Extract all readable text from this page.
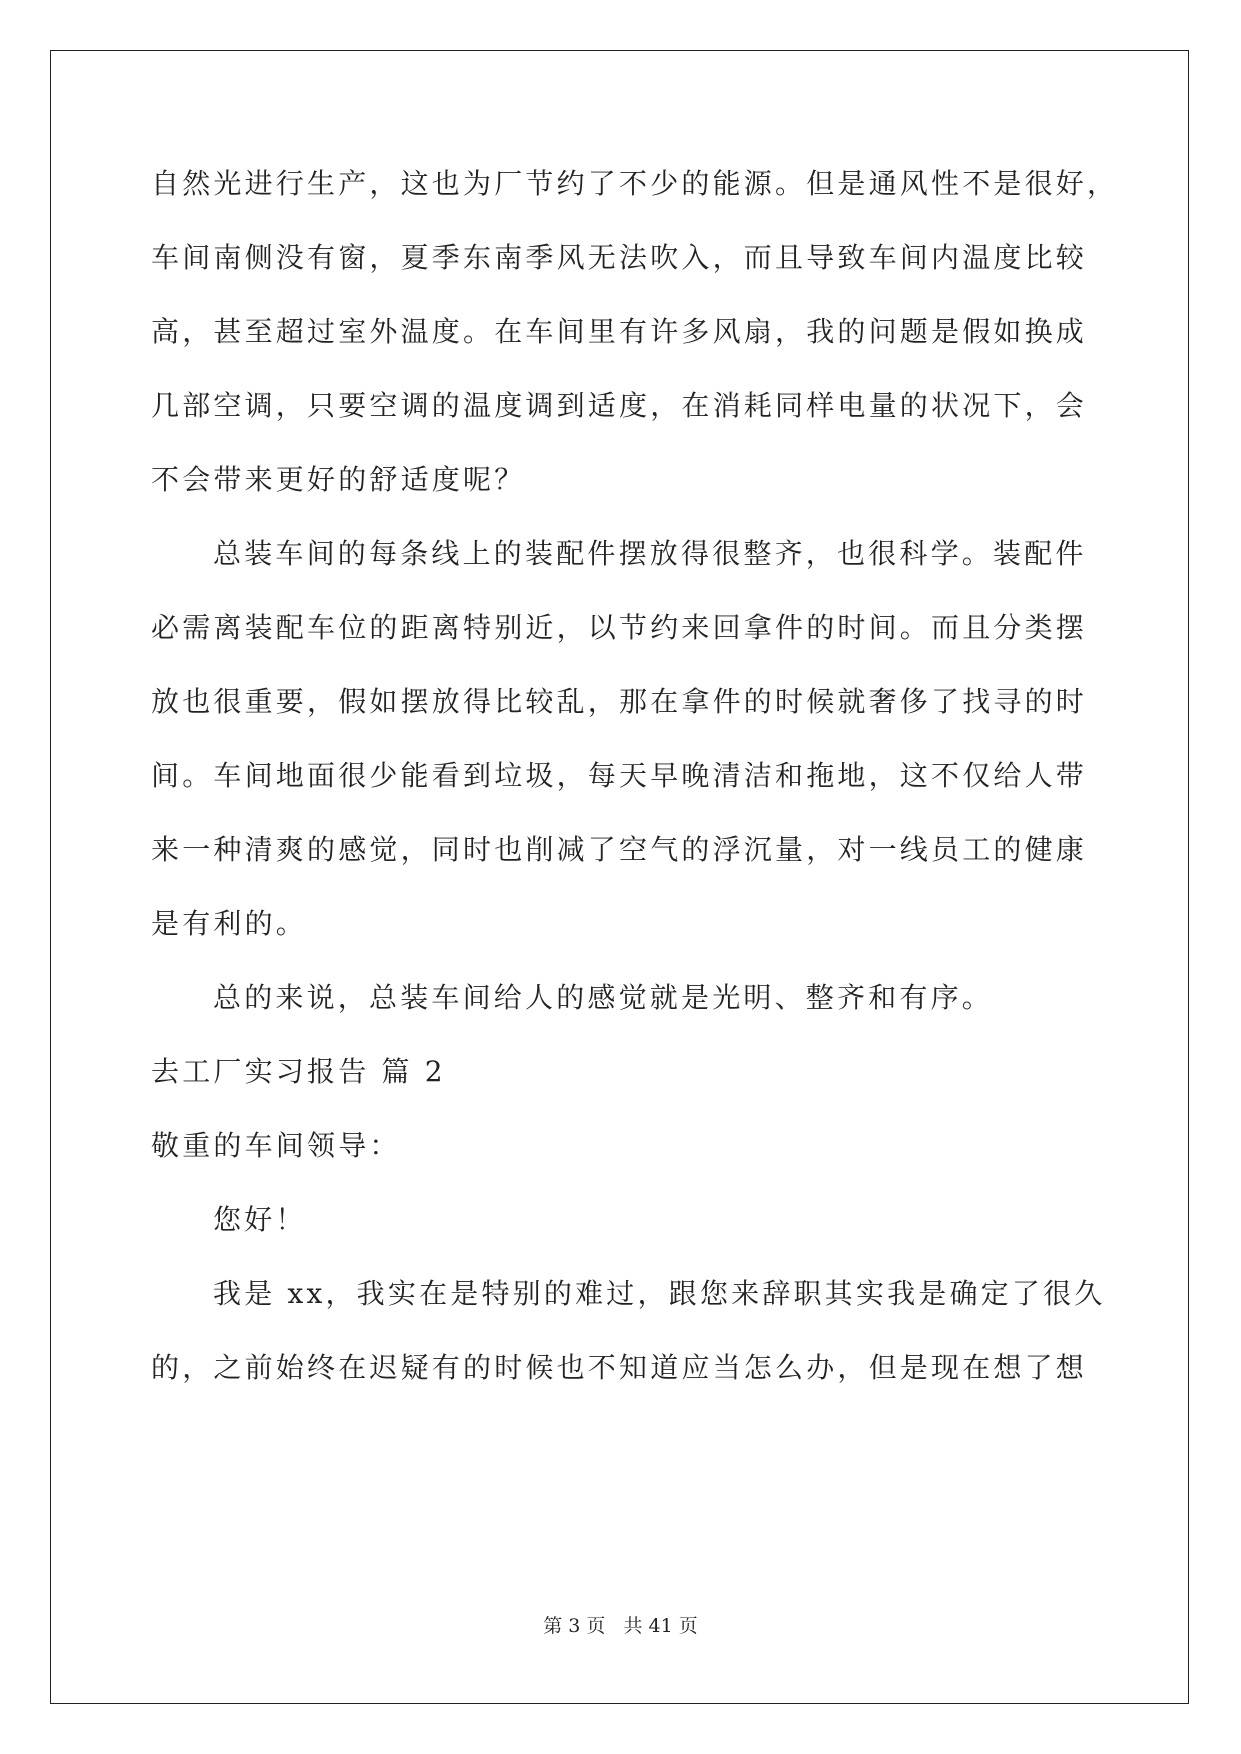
自然光进行生产，这也为厂节约了不少的能源。但是通风性不是很好，

车间南侧没有窗，夏季东南季风无法吹入，而且导致车间内温度比较

高，甚至超过室外温度。在车间里有许多风扇，我的问题是假如换成

几部空调，只要空调的温度调到适度，在消耗同样电量的状况下，会

不会带来更好的舒适度呢？

总装车间的每条线上的装配件摆放得很整齐，也很科学。装配件

必需离装配车位的距离特别近，以节约来回拿件的时间。而且分类摆

放也很重要，假如摆放得比较乱，那在拿件的时候就奢侈了找寻的时

间。车间地面很少能看到垃圾，每天早晚清洁和拖地，这不仅给人带

来一种清爽的感觉，同时也削减了空气的浮沉量，对一线员工的健康

是有利的。

总的来说，总装车间给人的感觉就是光明、整齐和有序。

去工厂实习报告 篇 2

敬重的车间领导：

您好！

我是 xx，我实在是特别的难过，跟您来辞职其实我是确定了很久

的，之前始终在迟疑有的时候也不知道应当怎么办，但是现在想了想

第 3 页 共 41 页
